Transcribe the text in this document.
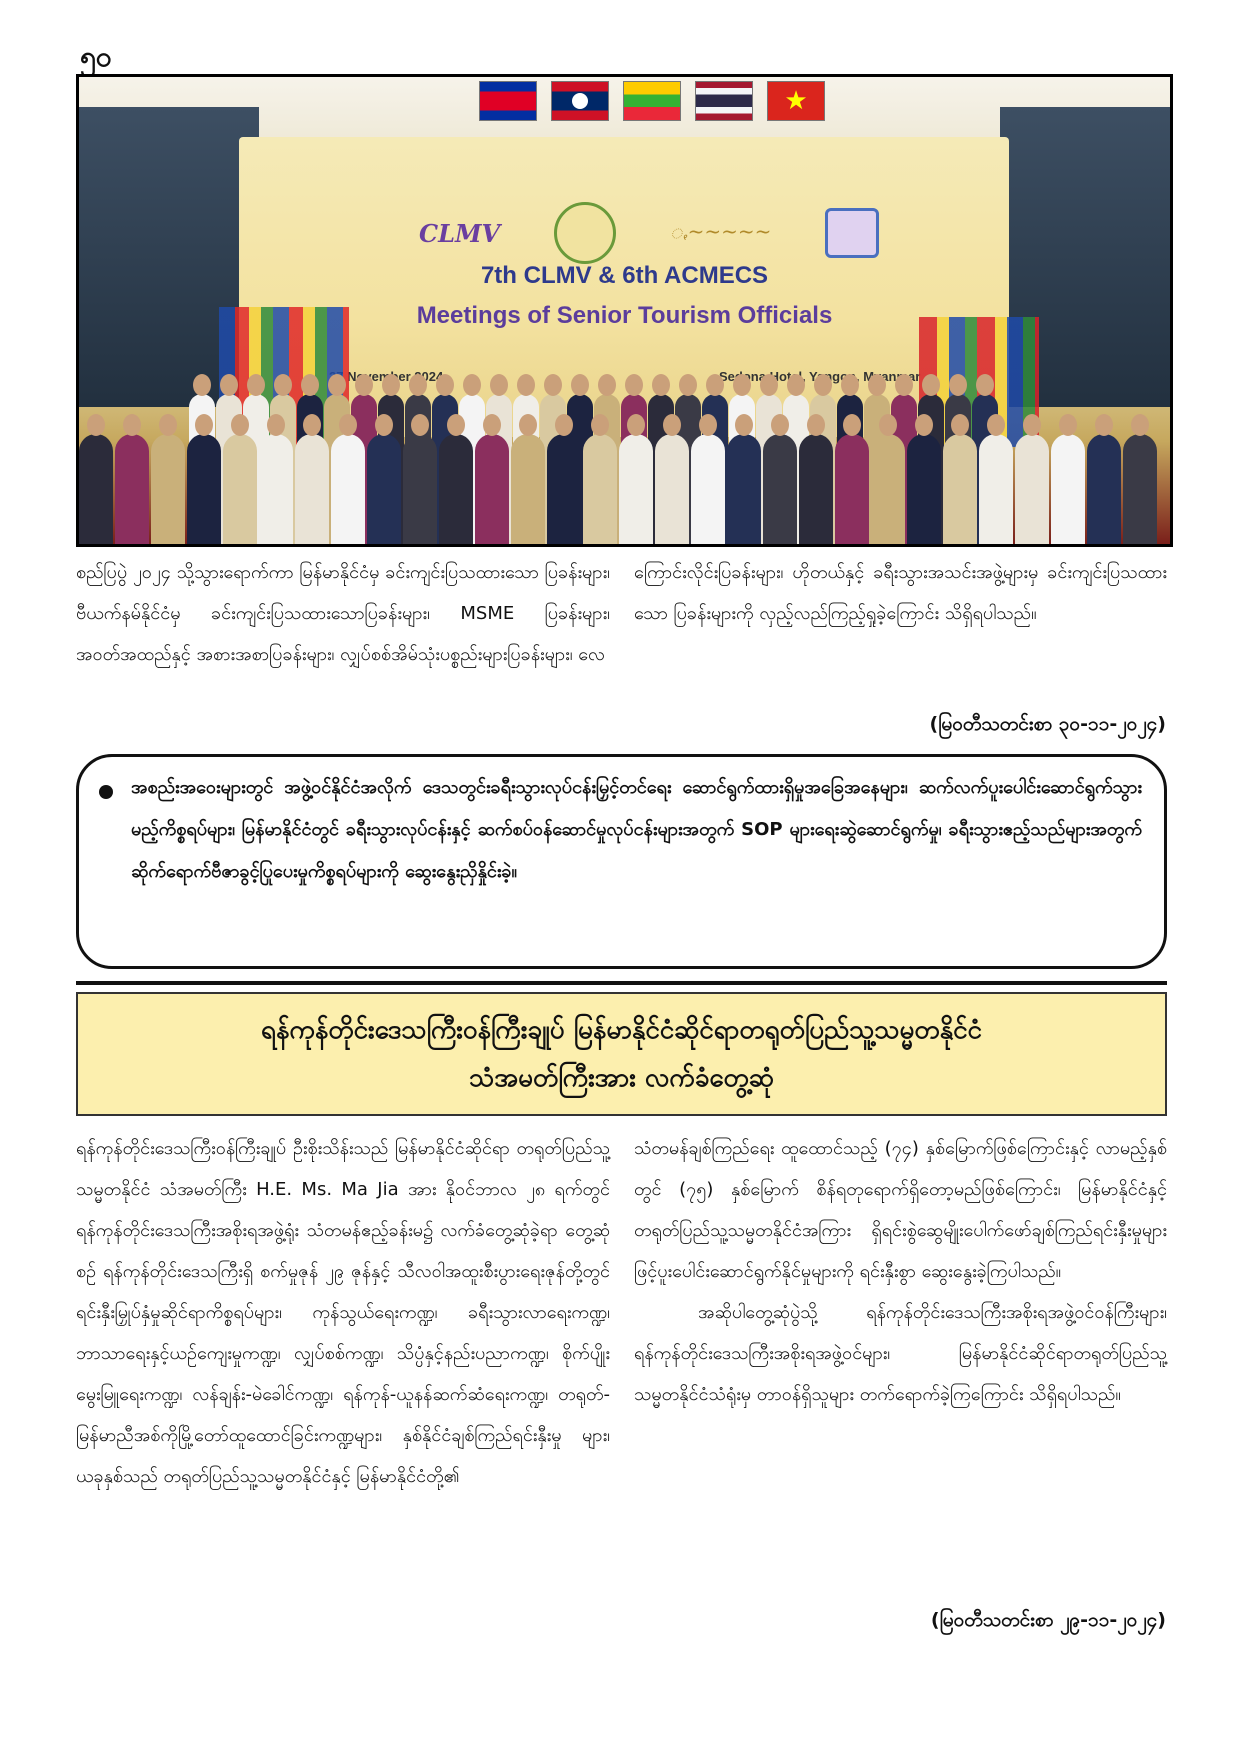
၅၀
★
CLMV	ꩻ~~~~~
7th CLMV & 6th ACMECS
Meetings of Senior Tourism Officials
November 2024	Hotel, Yangon, Myanmar

စည်ပြပွဲ ၂၀၂၄ သို့သွားရောက်ကာ မြန်မာနိုင်ငံမှ ခင်းကျင်းပြသထားသော ပြခန်းများ၊ ဗီယက်နမ်နိုင်ငံမှ ခင်းကျင်းပြသထားသောပြခန်းများ၊ MSME ပြခန်းများ၊ အဝတ်အထည်နှင့် အစားအစာပြခန်းများ၊ လျှပ်စစ်အိမ်သုံးပစ္စည်းများပြခန်းများ၊ လေ

ကြောင်းလိုင်းပြခန်းများ၊ ဟိုတယ်နှင့် ခရီးသွားအသင်းအဖွဲ့များမှ ခင်းကျင်းပြသထားသော ပြခန်းများကို လှည့်လည်ကြည့်ရှုခဲ့ကြောင်း သိရှိရပါသည်။

(မြဝတီသတင်းစာ ၃၀-၁၁-၂၀၂၄)
အစည်းအဝေးများတွင် အဖွဲ့ဝင်နိုင်ငံအလိုက် ဒေသတွင်းခရီးသွားလုပ်ငန်းမြှင့်တင်ရေး ဆောင်ရွက်ထားရှိမှုအခြေအနေများ၊ ဆက်လက်ပူးပေါင်းဆောင်ရွက်သွားမည့်ကိစ္စရပ်များ၊ မြန်မာနိုင်ငံတွင် ခရီးသွားလုပ်ငန်းနှင့် ဆက်စပ်ဝန်ဆောင်မှုလုပ်ငန်းများအတွက် SOP များရေးဆွဲဆောင်ရွက်မှု၊ ခရီးသွားဧည့်သည်များအတွက် ဆိုက်ရောက်ဗီဇာခွင့်ပြုပေးမှုကိစ္စရပ်များကို ဆွေးနွေးညှိနှိုင်းခဲ့။
ရန်ကုန်တိုင်းဒေသကြီးဝန်ကြီးချုပ် မြန်မာနိုင်ငံဆိုင်ရာတရုတ်ပြည်သူ့သမ္မတနိုင်ငံ
သံအမတ်ကြီးအား လက်ခံတွေ့ဆုံ

ရန်ကုန်တိုင်းဒေသကြီးဝန်ကြီးချုပ် ဦးစိုးသိန်းသည် မြန်မာနိုင်ငံဆိုင်ရာ တရုတ်ပြည်သူ့သမ္မတနိုင်ငံ သံအမတ်ကြီး H.E. Ms. Ma Jia အား နိုဝင်ဘာလ ၂၈ ရက်တွင် ရန်ကုန်တိုင်းဒေသကြီးအစိုးရအဖွဲ့ရုံး သံတမန်ဧည့်ခန်းမ၌ လက်ခံတွေ့ဆုံခဲ့ရာ တွေ့ဆုံစဉ် ရန်ကုန်တိုင်းဒေသကြီးရှိ စက်မှုဇုန် ၂၉ ဇုန်နှင့် သီလဝါအထူးစီးပွားရေးဇုန်တို့တွင် ရင်းနှီးမြှုပ်နှံမှုဆိုင်ရာကိစ္စရပ်များ၊ ကုန်သွယ်ရေးကဏ္ဍ၊ ခရီးသွားလာရေးကဏ္ဍ၊ ဘာသာရေးနှင့်ယဉ်ကျေးမှုကဏ္ဍ၊ လျှပ်စစ်ကဏ္ဍ၊ သိပ္ပံနှင့်နည်းပညာကဏ္ဍ၊ စိုက်ပျိုးမွေးမြူရေးကဏ္ဍ၊ လန်ချန်း-မဲခေါင်ကဏ္ဍ၊ ရန်ကုန်-ယူနန်ဆက်ဆံရေးကဏ္ဍ၊ တရုတ်-မြန်မာညီအစ်ကိုမြို့တော်ထူထောင်ခြင်းကဏ္ဍများ၊ နှစ်နိုင်ငံချစ်ကြည်ရင်းနှီးမှု များ၊ ယခုနှစ်သည် တရုတ်ပြည်သူ့သမ္မတနိုင်ငံနှင့် မြန်မာနိုင်ငံတို့၏

သံတမန်ချစ်ကြည်ရေး ထူထောင်သည့် (၇၄) နှစ်မြောက်ဖြစ်ကြောင်းနှင့် လာမည့်နှစ်တွင် (၇၅) နှစ်မြောက် စိန်ရတုရောက်ရှိတော့မည်ဖြစ်ကြောင်း၊ မြန်မာနိုင်ငံနှင့် တရုတ်ပြည်သူ့သမ္မတနိုင်ငံအကြား ရှိရင်းစွဲဆွေမျိုးပေါက်ဖော်ချစ်ကြည်ရင်းနှီးမှုများ ဖြင့်ပူးပေါင်းဆောင်ရွက်နိုင်မှုများကို ရင်းနှီးစွာ ဆွေးနွေးခဲ့ကြပါသည်။

အဆိုပါတွေ့ဆုံပွဲသို့ ရန်ကုန်တိုင်းဒေသကြီးအစိုးရအဖွဲ့ဝင်ဝန်ကြီးများ၊ ရန်ကုန်တိုင်းဒေသကြီးအစိုးရအဖွဲ့ဝင်များ၊ မြန်မာနိုင်ငံဆိုင်ရာတရုတ်ပြည်သူ့သမ္မတနိုင်ငံသံရုံးမှ တာဝန်ရှိသူများ တက်ရောက်ခဲ့ကြကြောင်း သိရှိရပါသည်။

(မြဝတီသတင်းစာ ၂၉-၁၁-၂၀၂၄)
